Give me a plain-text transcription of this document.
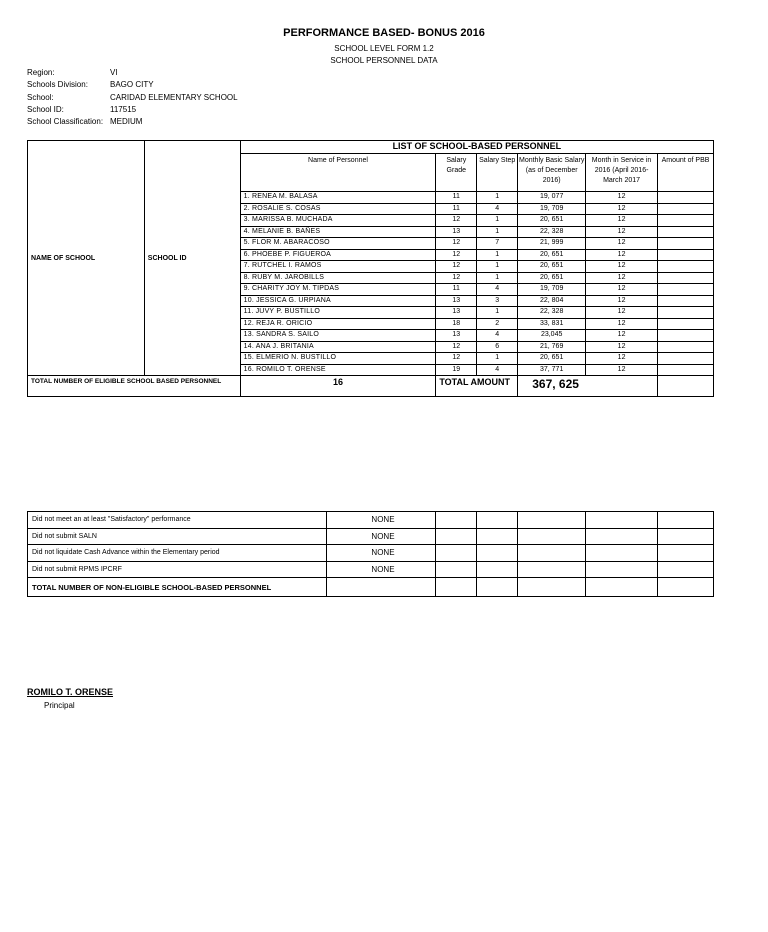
PERFORMANCE BASED- BONUS 2016
SCHOOL LEVEL FORM 1.2
SCHOOL PERSONNEL DATA
Region:	VI
Schools Division:	BAGO CITY
School:	CARIDAD ELEMENTARY SCHOOL
School ID:	117515
School Classification: MEDIUM
NAME OF SCHOOL	SCHOOL ID	LIST OF SCHOOL-BASED PERSONNEL					
		Name of Personnel	Salary Grade	Salary Step	Monthly Basic Salary (as of December 2016)	Month in Service in 2016 (April 2016-March 2017	Amount of PBB
		1. RENEA M. BALASA	11	1	19, 077	12	
		2. ROSALIE S. COSAS	11	4	19, 709	12	
		3. MARISSA B. MUCHADA	12	1	20, 651	12	
		4. MELANIE B. BAÑES	13	1	22, 328	12	
		5. FLOR M. ABARACOSO	12	7	21, 999	12	
		6. PHOEBE P. FIGUEROA	12	1	20, 651	12	
		7. RUTCHEL I. RAMOS	12	1	20, 651	12	
		8. RUBY M. JAROBILLS	12	1	20, 651	12	
		9. CHARITY JOY M. TIPDAS	11	4	19, 709	12	
		10. JESSICA G. URPIANA	13	3	22, 804	12	
		11. JUVY P. BUSTILLO	13	1	22, 328	12	
		12. REJA R. ORICIO	18	2	33, 831	12	
		13. SANDRA S. SAILO	13	4	23,045	12	
		14. ANA J. BRITANIA	12	6	21, 769	12	
		15. ELMERIO N. BUSTILLO	12	1	20, 651	12	
		16. ROMILO T. ORENSE	19	4	37, 771	12	
TOTAL NUMBER OF ELIGIBLE SCHOOL BASED PERSONNEL		16	TOTAL AMOUNT		367, 625		
Did not meet an at least "Satisfactory" performance	NONE					
Did not submit SALN	NONE					
Did not liquidate Cash Advance within the Elementary period	NONE					
Did not submit RPMS IPCRF	NONE					
TOTAL NUMBER OF NON-ELIGIBLE SCHOOL-BASED PERSONNEL						
ROMILO T. ORENSE
Principal
